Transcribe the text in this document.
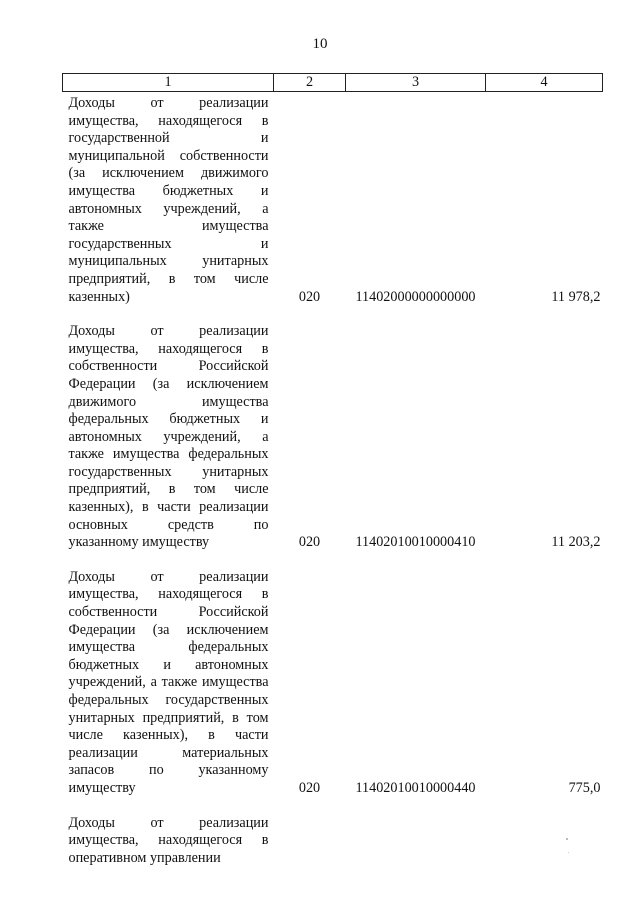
10
1	2	3	4
Доходы от реализации имущества, находящегося в государственной и муниципальной собственности (за исключением движимого имущества бюджетных и автономных учреждений, а также имущества государственных и муниципальных унитарных предприятий, в том числе казенных)	020	11402000000000000	11 978,2
Доходы от реализации имущества, находящегося в собственности Российской Федерации (за исключением движимого имущества федеральных бюджетных и автономных учреждений, а также имущества федеральных государственных унитарных предприятий, в том числе казенных), в части реализации основных средств по указанному имуществу	020	11402010010000410	11 203,2
Доходы от реализации имущества, находящегося в собственности Российской Федерации (за исключением имущества федеральных бюджетных и автономных учреждений, а также имущества федеральных государственных унитарных предприятий, в том числе казенных), в части реализации материальных запасов по указанному имуществу	020	11402010010000440	775,0
Доходы от реализации имущества, находящегося в оперативном управлении			
